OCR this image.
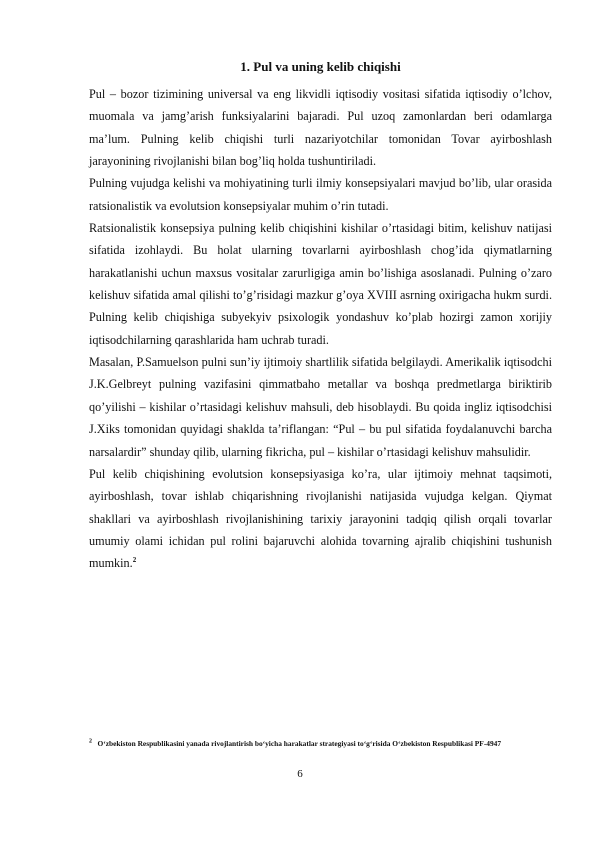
1. Pul va uning kelib chiqishi

Pul – bozor tizimining universal va eng likvidli iqtisodiy vositasi sifatida iqtisodiy o’lchov, muomala va jamg’arish funksiyalarini bajaradi. Pul uzoq zamonlardan beri odamlarga ma’lum. Pulning kelib chiqishi turli nazariyotchilar tomonidan Tovar ayirboshlash jarayonining rivojlanishi bilan bog’liq holda tushuntiriladi.

Pulning vujudga kelishi va mohiyatining turli ilmiy konsepsiyalari mavjud bo’lib, ular orasida ratsionalistik va evolutsion konsepsiyalar muhim o’rin tutadi.

Ratsionalistik konsepsiya pulning kelib chiqishini kishilar o’rtasidagi bitim, kelishuv natijasi sifatida izohlaydi. Bu holat ularning tovarlarni ayirboshlash chog’ida qiymatlarning harakatlanishi uchun maxsus vositalar zarurligiga amin bo’lishiga asoslanadi. Pulning o’zaro kelishuv sifatida amal qilishi to’g’risidagi mazkur g’oya XVIII asrning oxirigacha hukm surdi. Pulning kelib chiqishiga subyekyiv psixologik yondashuv ko’plab hozirgi zamon xorijiy iqtisodchilarning qarashlarida ham uchrab turadi.

Masalan, P.Samuelson pulni sun’iy ijtimoiy shartlilik sifatida belgilaydi. Amerikalik iqtisodchi J.K.Gelbreyt pulning vazifasini qimmatbaho metallar va boshqa predmetlarga biriktirib qo’yilishi – kishilar o’rtasidagi kelishuv mahsuli, deb hisoblaydi. Bu qoida ingliz iqtisodchisi J.Xiks tomonidan quyidagi shaklda ta’riflangan: “Pul – bu pul sifatida foydalanuvchi barcha narsalardir” shunday qilib, ularning fikricha, pul – kishilar o’rtasidagi kelishuv mahsulidir.

Pul kelib chiqishining evolutsion konsepsiyasiga ko’ra, ular ijtimoiy mehnat taqsimoti, ayirboshlash, tovar ishlab chiqarishning rivojlanishi natijasida vujudga kelgan. Qiymat shakllari va ayirboshlash rivojlanishining tarixiy jarayonini tadqiq qilish orqali tovarlar umumiy olami ichidan pul rolini bajaruvchi alohida tovarning ajralib chiqishini tushunish mumkin.$^2$

$^2$ O‘zbekiston Respublikasini yanada rivojlantirish bo‘yicha harakatlar strategiyasi to‘g‘risida O‘zbekiston Respublikasi PF-4947
6
